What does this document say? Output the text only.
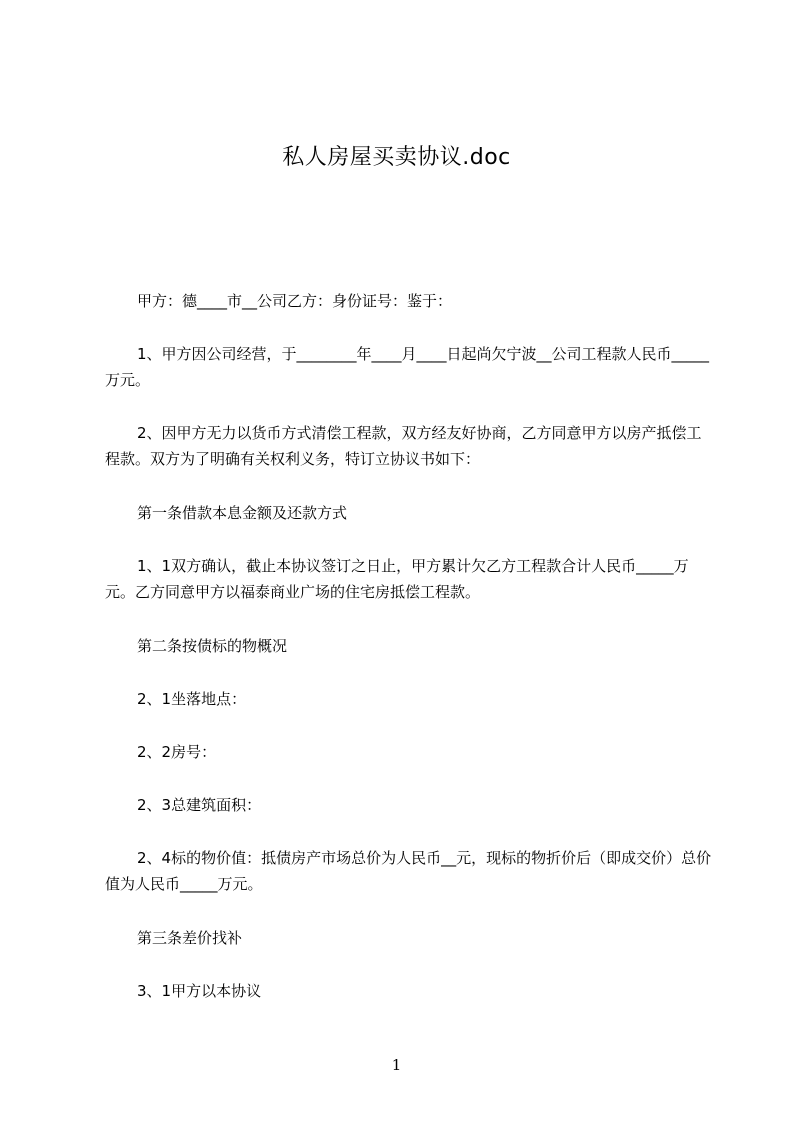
私人房屋买卖协议.doc
甲方：德____市__公司乙方：身份证号：鉴于：
1、甲方因公司经营，于________年____月____日起尚欠宁波__公司工程款人民币_____万元。
2、因甲方无力以货币方式清偿工程款，双方经友好协商，乙方同意甲方以房产抵偿工程款。双方为了明确有关权利义务，特订立协议书如下：
第一条借款本息金额及还款方式
1、1双方确认，截止本协议签订之日止，甲方累计欠乙方工程款合计人民币_____万元。乙方同意甲方以福泰商业广场的住宅房抵偿工程款。
第二条按债标的物概况
2、1坐落地点：
2、2房号：
2、3总建筑面积：
2、4标的物价值：抵债房产市场总价为人民币__元，现标的物折价后（即成交价）总价值为人民币_____万元。
第三条差价找补
3、1甲方以本协议
1
